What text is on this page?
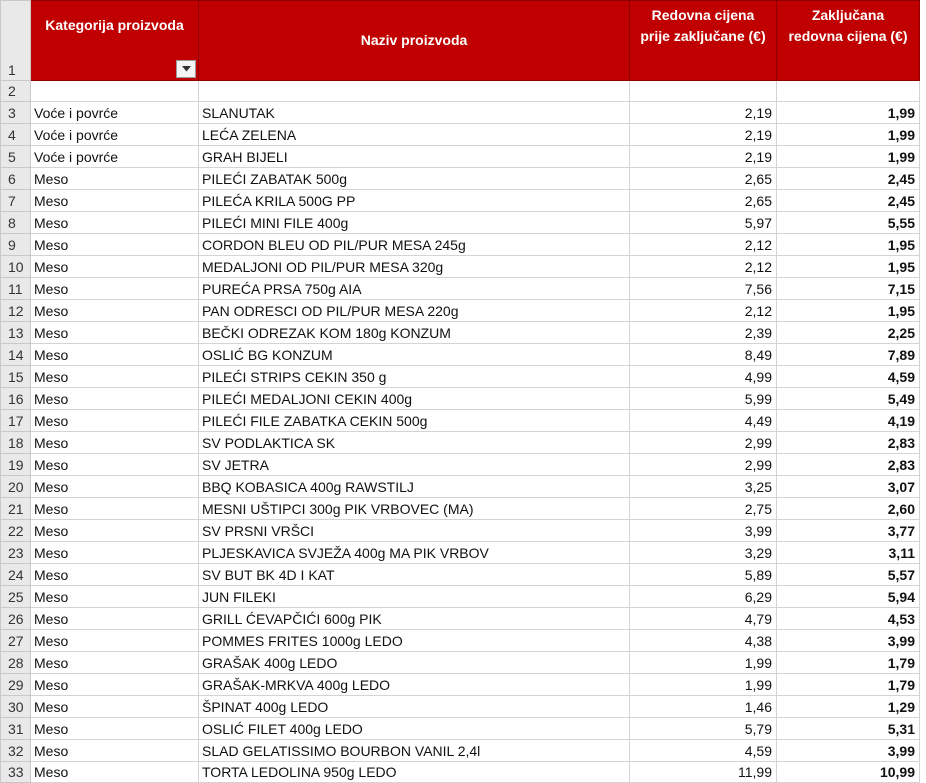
1	Kategorija proizvoda	Naziv proizvoda	Redovna cijena prije zaključane (€)	Zaključana redovna cijena (€)
2				
3	Voće i povrće	SLANUTAK	2,19	1,99
4	Voće i povrće	LEĆA ZELENA	2,19	1,99
5	Voće i povrće	GRAH BIJELI	2,19	1,99
6	Meso	PILEĆI ZABATAK 500g	2,65	2,45
7	Meso	PILEĆA KRILA 500G PP	2,65	2,45
8	Meso	PILEĆI MINI FILE 400g	5,97	5,55
9	Meso	CORDON BLEU OD PIL/PUR MESA 245g	2,12	1,95
10	Meso	MEDALJONI OD PIL/PUR MESA 320g	2,12	1,95
11	Meso	PUREĆA PRSA 750g AIA	7,56	7,15
12	Meso	PAN ODRESCI OD PIL/PUR MESA 220g	2,12	1,95
13	Meso	BEČKI ODREZAK KOM 180g KONZUM	2,39	2,25
14	Meso	OSLIĆ BG KONZUM	8,49	7,89
15	Meso	PILEĆI STRIPS CEKIN 350 g	4,99	4,59
16	Meso	PILEĆI MEDALJONI CEKIN 400g	5,99	5,49
17	Meso	PILEĆI FILE ZABATKA CEKIN 500g	4,49	4,19
18	Meso	SV PODLAKTICA SK	2,99	2,83
19	Meso	SV JETRA	2,99	2,83
20	Meso	BBQ KOBASICA 400g RAWSTILJ	3,25	3,07
21	Meso	MESNI UŠTIPCI 300g PIK VRBOVEC (MA)	2,75	2,60
22	Meso	SV PRSNI VRŠCI	3,99	3,77
23	Meso	PLJESKAVICA SVJEŽA 400g MA PIK VRBOV	3,29	3,11
24	Meso	SV BUT BK 4D I KAT	5,89	5,57
25	Meso	JUN FILEKI	6,29	5,94
26	Meso	GRILL ĆEVAPČIĆI 600g PIK	4,79	4,53
27	Meso	POMMES FRITES 1000g LEDO	4,38	3,99
28	Meso	GRAŠAK 400g LEDO	1,99	1,79
29	Meso	GRAŠAK-MRKVA 400g LEDO	1,99	1,79
30	Meso	ŠPINAT 400g LEDO	1,46	1,29
31	Meso	OSLIĆ FILET 400g LEDO	5,79	5,31
32	Meso	SLAD GELATISSIMO BOURBON VANIL 2,4l	4,59	3,99
33	Meso	TORTA LEDOLINA 950g LEDO	11,99	10,99
